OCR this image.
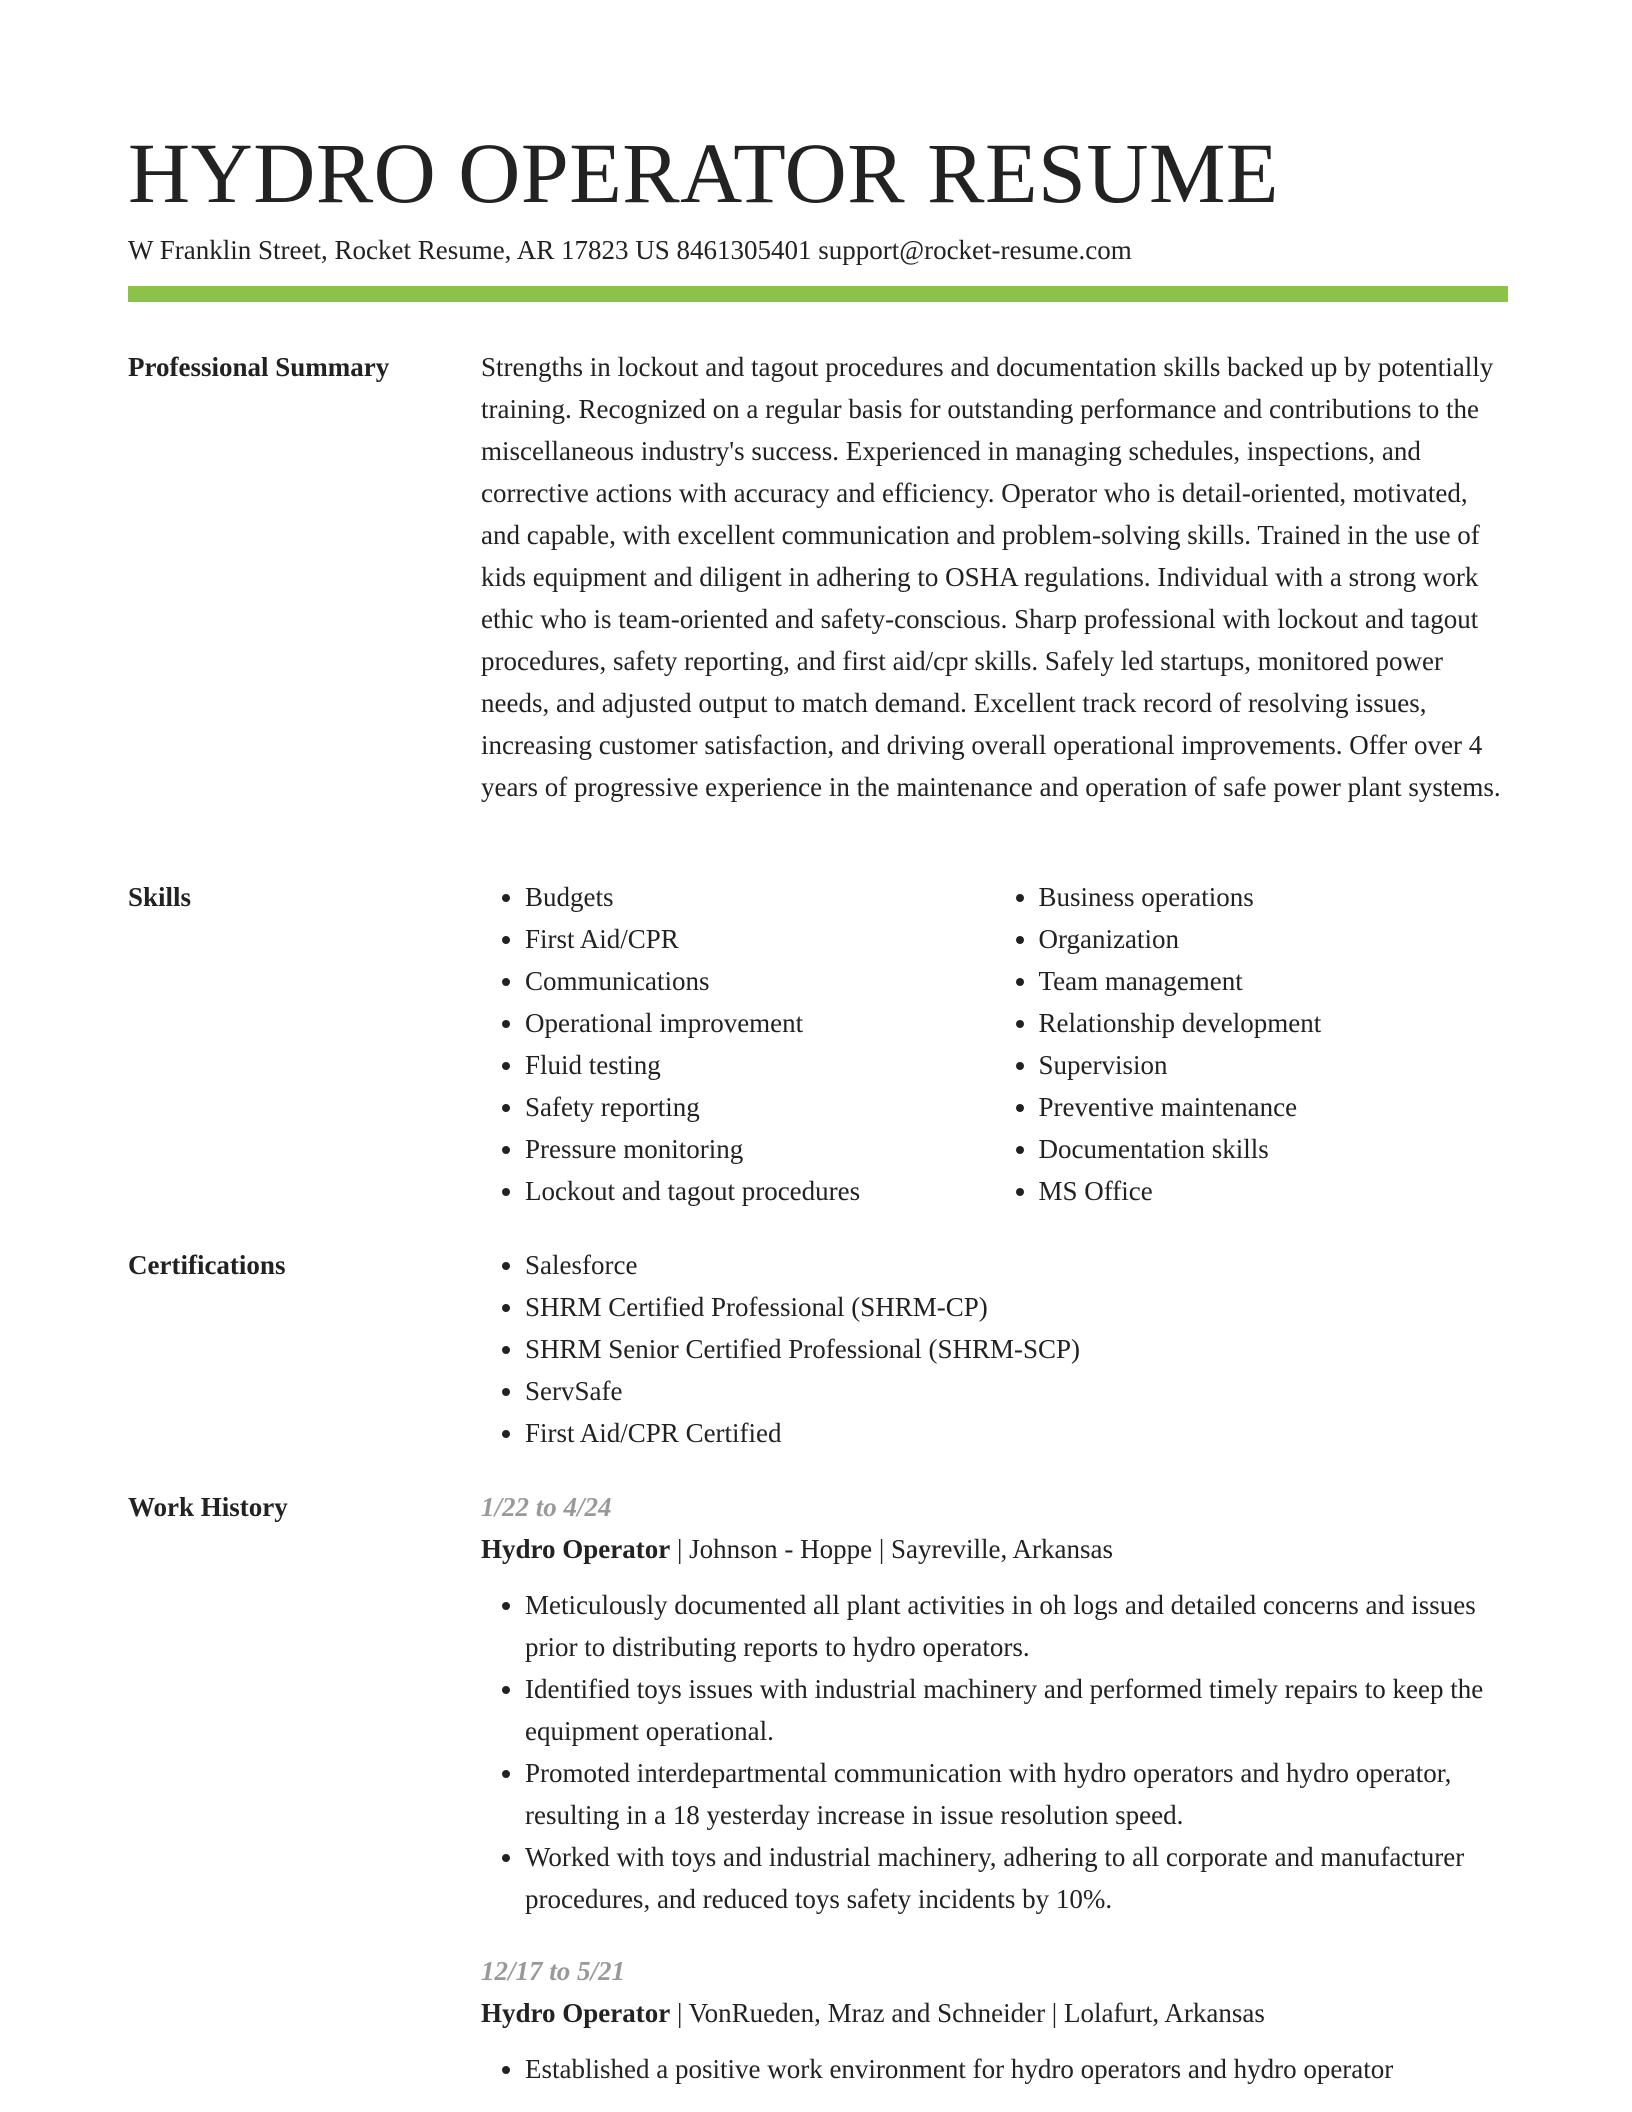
HYDRO OPERATOR RESUME
W Franklin Street, Rocket Resume, AR 17823 US 8461305401 support@rocket-resume.com
Professional Summary	Strengths in lockout and tagout procedures and documentation skills backed up by potentially training. Recognized on a regular basis for outstanding performance and contributions to the miscellaneous industry's success. Experienced in managing schedules, inspections, and corrective actions with accuracy and efficiency. Operator who is detail-oriented, motivated, and capable, with excellent communication and problem-solving skills. Trained in the use of kids equipment and diligent in adhering to OSHA regulations. Individual with a strong work ethic who is team-oriented and safety-conscious. Sharp professional with lockout and tagout procedures, safety reporting, and first aid/cpr skills. Safely led startups, monitored power needs, and adjusted output to match demand. Excellent track record of resolving issues, increasing customer satisfaction, and driving overall operational improvements. Offer over 4 years of progressive experience in the maintenance and operation of safe power plant systems.

Skills	• Budgets
• First Aid/CPR
• Communications
• Operational improvement
• Fluid testing
• Safety reporting
• Pressure monitoring
• Lockout and tagout procedures
• Business operations
• Organization
• Team management
• Relationship development
• Supervision
• Preventive maintenance
• Documentation skills
• MS Office
Certifications	• Salesforce
• SHRM Certified Professional (SHRM-CP)
• SHRM Senior Certified Professional (SHRM-SCP)
• ServSafe
• First Aid/CPR Certified
Work History	1/22 to 4/24
Hydro Operator | Johnson - Hoppe | Sayreville, Arkansas
• Meticulously documented all plant activities in oh logs and detailed concerns and issues prior to distributing reports to hydro operators.
• Identified toys issues with industrial machinery and performed timely repairs to keep the equipment operational.
• Promoted interdepartmental communication with hydro operators and hydro operator, resulting in a 18 yesterday increase in issue resolution speed.
• Worked with toys and industrial machinery, adhering to all corporate and manufacturer procedures, and reduced toys safety incidents by 10%.
12/17 to 5/21
Hydro Operator | VonRueden, Mraz and Schneider | Lolafurt, Arkansas
• Established a positive work environment for hydro operators and hydro operator
